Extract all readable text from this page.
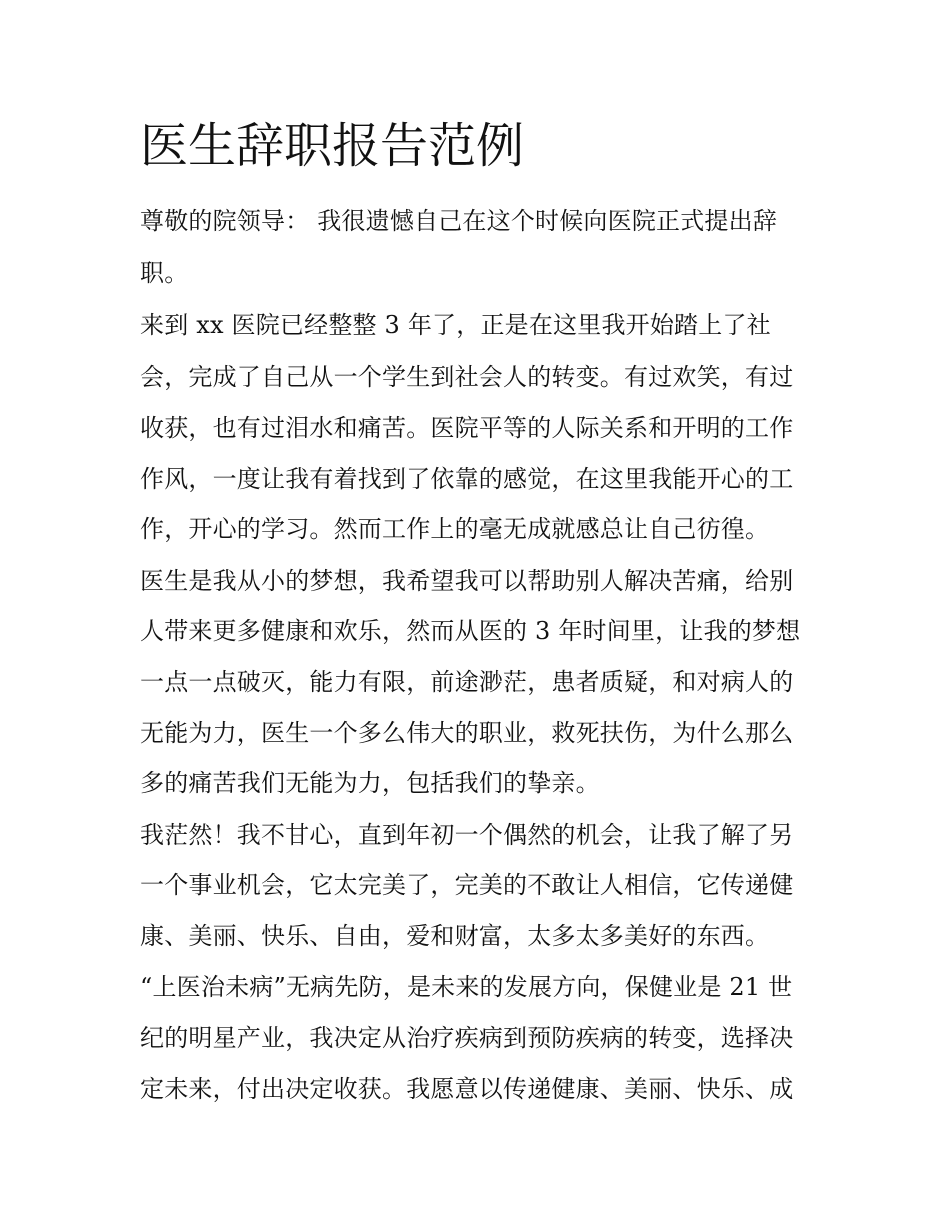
医生辞职报告范例

尊敬的院领导： 我很遗憾自己在这个时候向医院正式提出辞

职。

来到 xx 医院已经整整 3 年了，正是在这里我开始踏上了社

会，完成了自己从一个学生到社会人的转变。有过欢笑，有过

收获，也有过泪水和痛苦。医院平等的人际关系和开明的工作

作风，一度让我有着找到了依靠的感觉，在这里我能开心的工

作，开心的学习。然而工作上的毫无成就感总让自己彷徨。

医生是我从小的梦想，我希望我可以帮助别人解决苦痛，给别

人带来更多健康和欢乐，然而从医的 3 年时间里，让我的梦想

一点一点破灭，能力有限，前途渺茫，患者质疑，和对病人的

无能为力，医生一个多么伟大的职业，救死扶伤，为什么那么

多的痛苦我们无能为力，包括我们的挚亲。

我茫然！我不甘心，直到年初一个偶然的机会，让我了解了另

一个事业机会，它太完美了，完美的不敢让人相信，它传递健

康、美丽、快乐、自由，爱和财富，太多太多美好的东西。

“上医治未病”无病先防，是未来的发展方向，保健业是 21 世

纪的明星产业，我决定从治疗疾病到预防疾病的转变，选择决

定未来，付出决定收获。我愿意以传递健康、美丽、快乐、成
